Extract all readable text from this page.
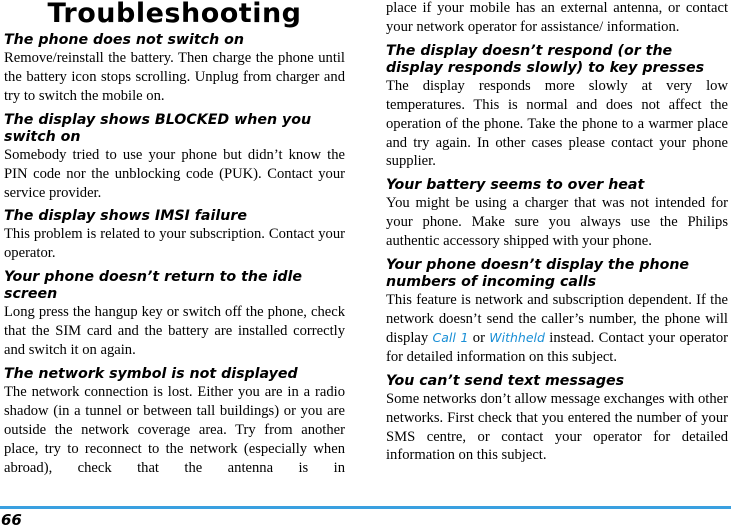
Troubleshooting
The phone does not switch on

Remove/reinstall the battery. Then charge the phone until the battery icon stops scrolling. Unplug from charger and try to switch the mobile on.

The display shows BLOCKED when you switch on

Somebody tried to use your phone but didn’t know the PIN code nor the unblocking code (PUK). Contact your service provider.

The display shows IMSI failure

This problem is related to your subscription. Contact your operator.

Your phone doesn’t return to the idle screen

Long press the hangup key or switch off the phone, check that the SIM card and the battery are installed correctly and switch it on again.

The network symbol is not displayed

The network connection is lost. Either you are in a radio shadow (in a tunnel or between tall buildings) or you are outside the network coverage area. Try from another place, try to reconnect to the network (especially when abroad), check that the antenna is in

place if your mobile has an external antenna, or contact your network operator for assistance/ information.

The display doesn’t respond (or the display responds slowly) to key presses

The display responds more slowly at very low temperatures. This is normal and does not affect the operation of the phone. Take the phone to a warmer place and try again. In other cases please contact your phone supplier.

Your battery seems to over heat

You might be using a charger that was not intended for your phone. Make sure you always use the Philips authentic accessory shipped with your phone.

Your phone doesn’t display the phone numbers of incoming calls

This feature is network and subscription dependent. If the network doesn’t send the caller’s number, the phone will display Call 1 or Withheld instead. Contact your operator for detailed information on this subject.

You can’t send text messages

Some networks don’t allow message exchanges with other networks. First check that you entered the number of your SMS centre, or contact your operator for detailed information on this subject.

66
